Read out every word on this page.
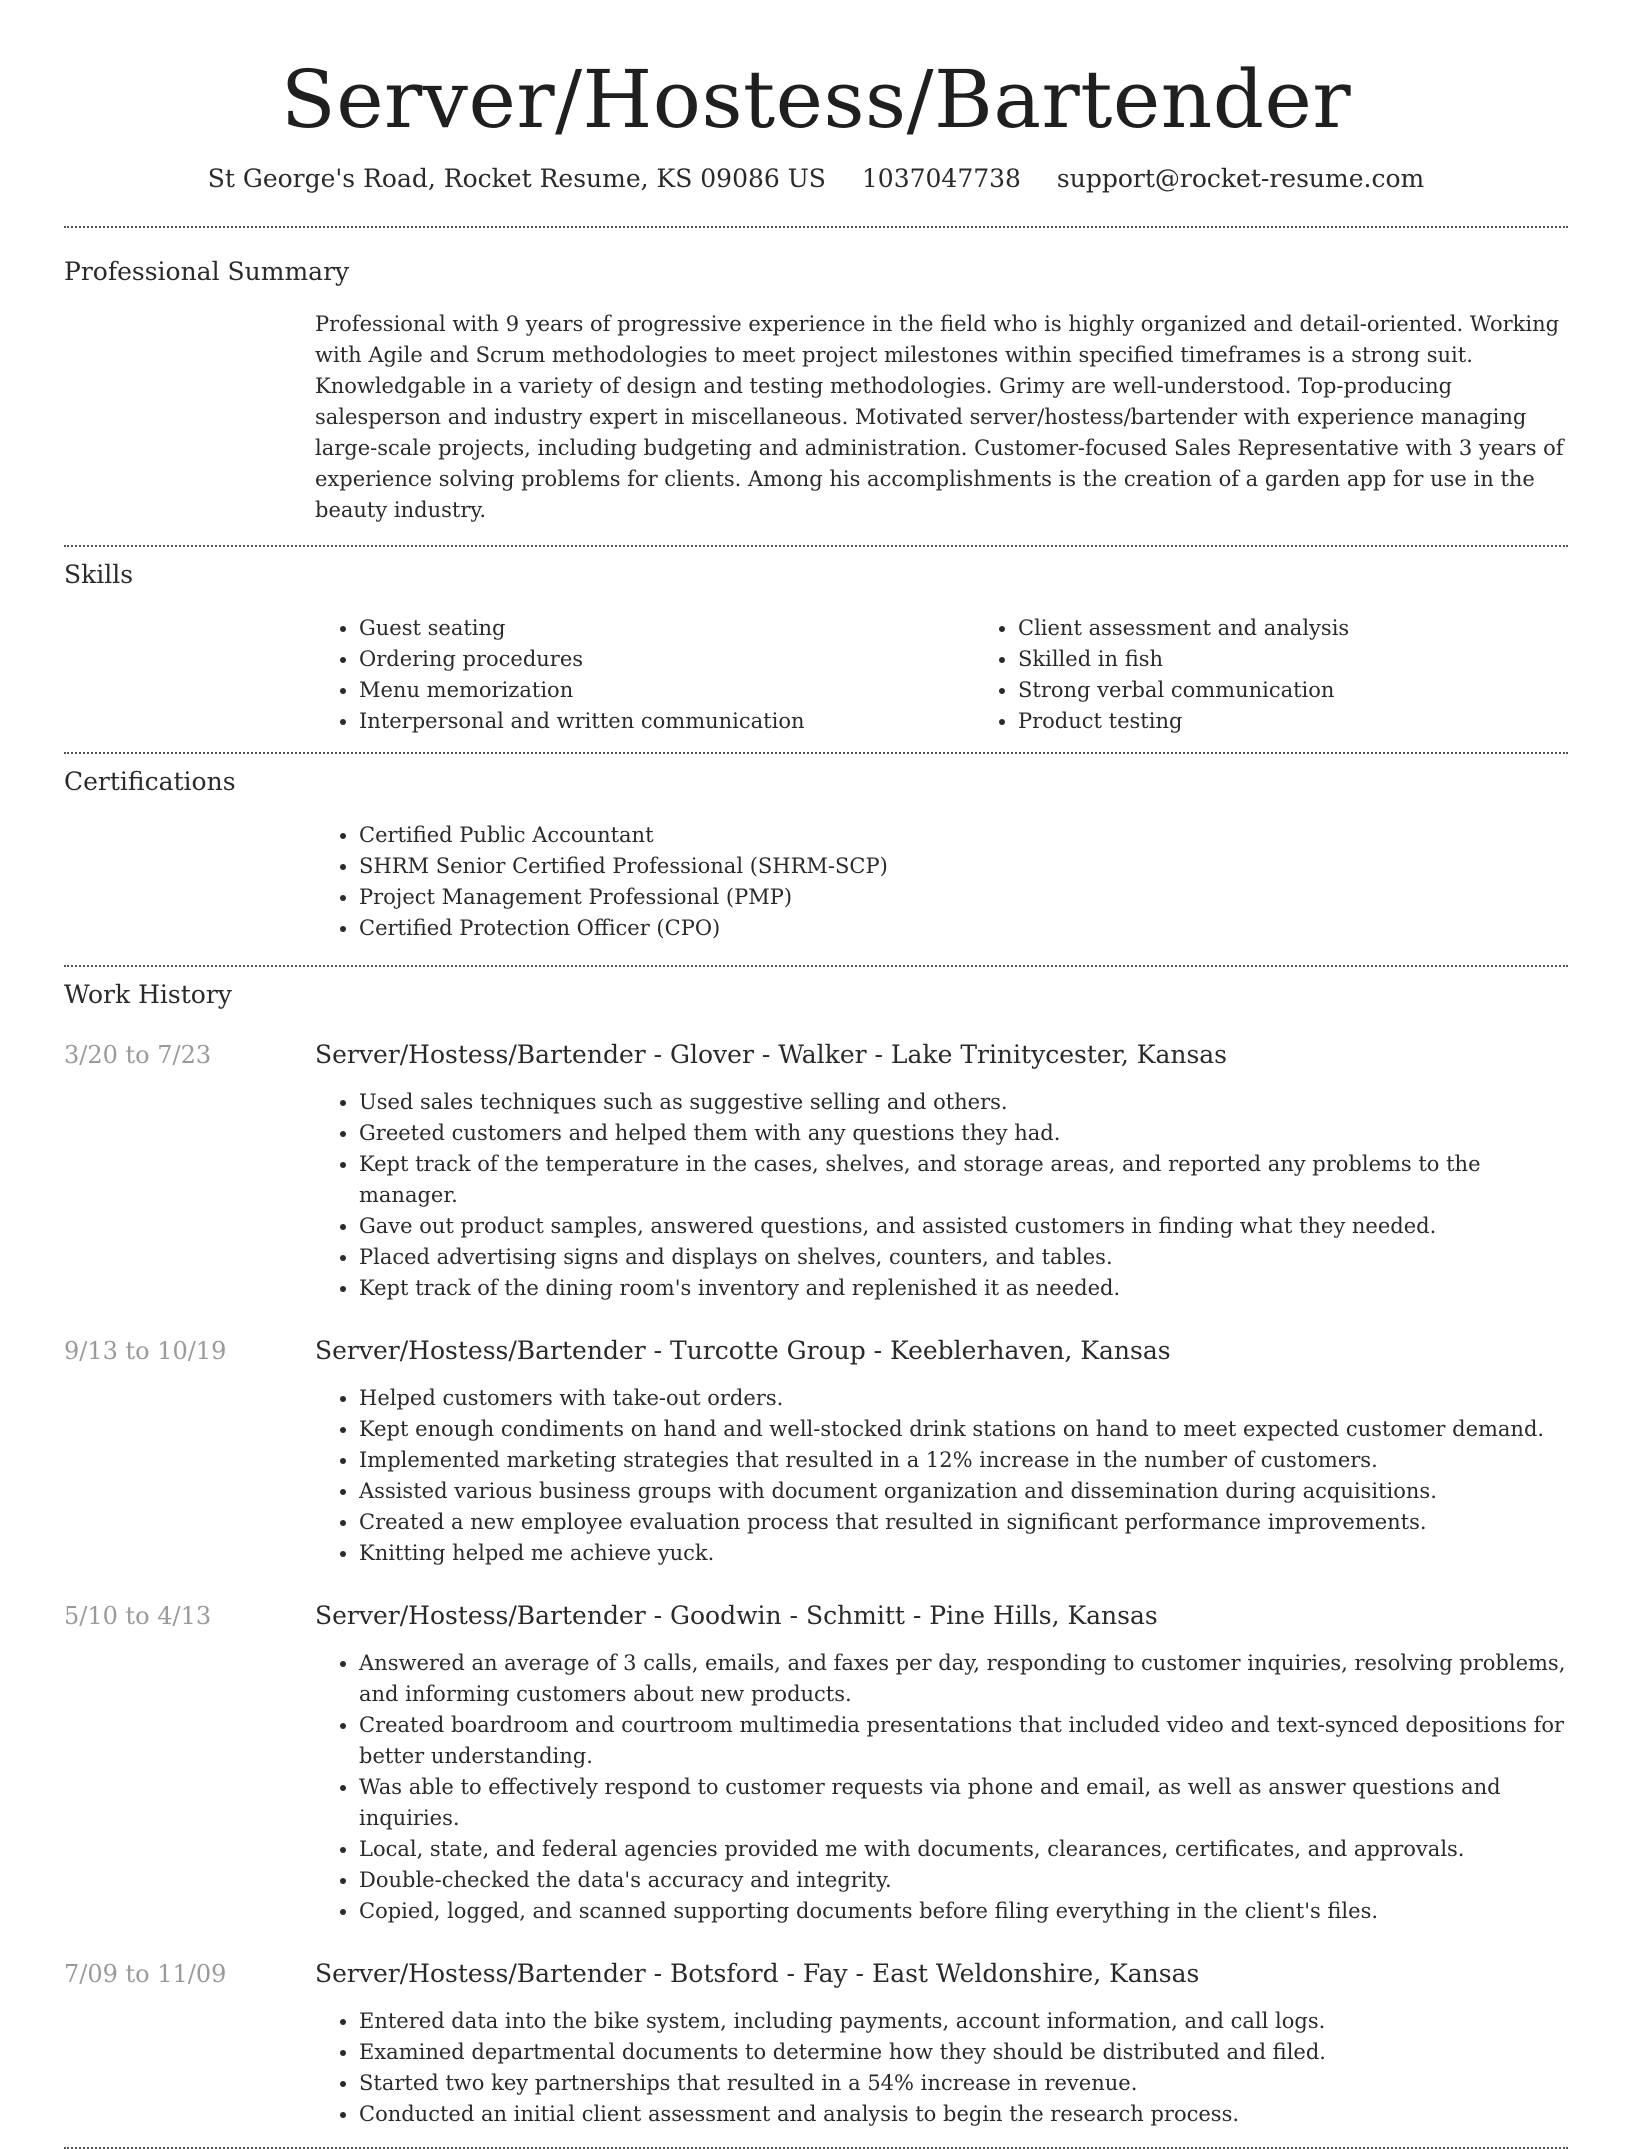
Server/Hostess/Bartender
St George's Road, Rocket Resume, KS 09086 US 1037047738 support@rocket-resume.com
Professional Summary

Professional with 9 years of progressive experience in the field who is highly organized and detail-oriented. Working with Agile and Scrum methodologies to meet project milestones within specified timeframes is a strong suit. Knowledgable in a variety of design and testing methodologies. Grimy are well-understood. Top-producing salesperson and industry expert in miscellaneous. Motivated server/hostess/bartender with experience managing large-scale projects, including budgeting and administration. Customer-focused Sales Representative with 3 years of experience solving problems for clients. Among his accomplishments is the creation of a garden app for use in the beauty industry.

Skills
• Guest seating
• Ordering procedures
• Menu memorization
• Interpersonal and written communication
• Client assessment and analysis
• Skilled in fish
• Strong verbal communication
• Product testing
Certifications
• Certified Public Accountant
• SHRM Senior Certified Professional (SHRM-SCP)
• Project Management Professional (PMP)
• Certified Protection Officer (CPO)
Work History
3/20 to 7/23	Server/Hostess/Bartender - Glover - Walker - Lake Trinitycester, Kansas
• Used sales techniques such as suggestive selling and others.
• Greeted customers and helped them with any questions they had.
• Kept track of the temperature in the cases, shelves, and storage areas, and reported any problems to the manager.
• Gave out product samples, answered questions, and assisted customers in finding what they needed.
• Placed advertising signs and displays on shelves, counters, and tables.
• Kept track of the dining room's inventory and replenished it as needed.
9/13 to 10/19	Server/Hostess/Bartender - Turcotte Group - Keeblerhaven, Kansas
• Helped customers with take-out orders.
• Kept enough condiments on hand and well-stocked drink stations on hand to meet expected customer demand.
• Implemented marketing strategies that resulted in a 12% increase in the number of customers.
• Assisted various business groups with document organization and dissemination during acquisitions.
• Created a new employee evaluation process that resulted in significant performance improvements.
• Knitting helped me achieve yuck.
5/10 to 4/13	Server/Hostess/Bartender - Goodwin - Schmitt - Pine Hills, Kansas
• Answered an average of 3 calls, emails, and faxes per day, responding to customer inquiries, resolving problems, and informing customers about new products.
• Created boardroom and courtroom multimedia presentations that included video and text-synced depositions for better understanding.
• Was able to effectively respond to customer requests via phone and email, as well as answer questions and inquiries.
• Local, state, and federal agencies provided me with documents, clearances, certificates, and approvals.
• Double-checked the data's accuracy and integrity.
• Copied, logged, and scanned supporting documents before filing everything in the client's files.
7/09 to 11/09	Server/Hostess/Bartender - Botsford - Fay - East Weldonshire, Kansas
• Entered data into the bike system, including payments, account information, and call logs.
• Examined departmental documents to determine how they should be distributed and filed.
• Started two key partnerships that resulted in a 54% increase in revenue.
• Conducted an initial client assessment and analysis to begin the research process.
